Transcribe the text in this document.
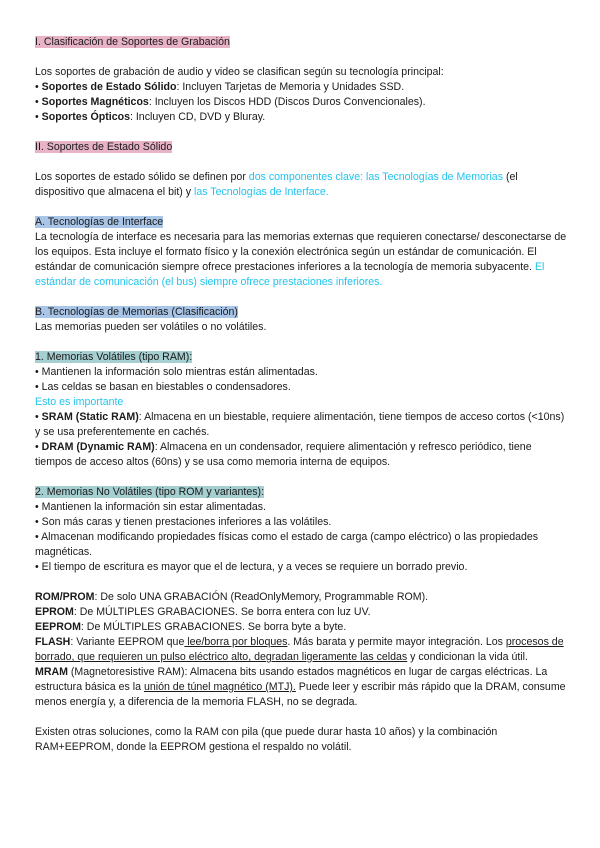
I. Clasificación de Soportes de Grabación

Los soportes de grabación de audio y video se clasifican según su tecnología principal:

• Soportes de Estado Sólido: Incluyen Tarjetas de Memoria y Unidades SSD.

• Soportes Magnéticos: Incluyen los Discos HDD (Discos Duros Convencionales).

• Soportes Ópticos: Incluyen CD, DVD y Bluray.

II. Soportes de Estado Sólido

Los soportes de estado sólido se definen por dos componentes clave: las Tecnologías de Memorias (el dispositivo que almacena el bit) y las Tecnologías de Interface.

A. Tecnologías de Interface

La tecnología de interface es necesaria para las memorias externas que requieren conectarse/ desconectarse de los equipos. Esta incluye el formato físico y la conexión electrónica según un estándar de comunicación. El estándar de comunicación siempre ofrece prestaciones inferiores a la tecnología de memoria subyacente. El estándar de comunicación (el bus) siempre ofrece prestaciones inferiores.

B. Tecnologías de Memorias (Clasificación)

Las memorias pueden ser volátiles o no volátiles.

1. Memorias Volátiles (tipo RAM):

• Mantienen la información solo mientras están alimentadas.

• Las celdas se basan en biestables o condensadores.

Esto es importante

• SRAM (Static RAM): Almacena en un biestable, requiere alimentación, tiene tiempos de acceso cortos (<10ns) y se usa preferentemente en cachés.

• DRAM (Dynamic RAM): Almacena en un condensador, requiere alimentación y refresco periódico, tiene tiempos de acceso altos (60ns) y se usa como memoria interna de equipos.

2. Memorias No Volátiles (tipo ROM y variantes):

• Mantienen la información sin estar alimentadas.

• Son más caras y tienen prestaciones inferiores a las volátiles.

• Almacenan modificando propiedades físicas como el estado de carga (campo eléctrico) o las propiedades magnéticas.

• El tiempo de escritura es mayor que el de lectura, y a veces se requiere un borrado previo.

ROM/PROM: De solo UNA GRABACIÓN (ReadOnlyMemory, Programmable ROM).

EPROM: De MÚLTIPLES GRABACIONES. Se borra entera con luz UV.

EEPROM: De MÚLTIPLES GRABACIONES. Se borra byte a byte.

FLASH: Variante EEPROM que lee/borra por bloques. Más barata y permite mayor integración. Los procesos de borrado, que requieren un pulso eléctrico alto, degradan ligeramente las celdas y condicionan la vida útil.

MRAM (Magnetoresistive RAM): Almacena bits usando estados magnéticos en lugar de cargas eléctricas. La estructura básica es la unión de túnel magnético (MTJ). Puede leer y escribir más rápido que la DRAM, consume menos energía y, a diferencia de la memoria FLASH, no se degrada.

Existen otras soluciones, como la RAM con pila (que puede durar hasta 10 años) y la combinación RAM+EEPROM, donde la EEPROM gestiona el respaldo no volátil.
